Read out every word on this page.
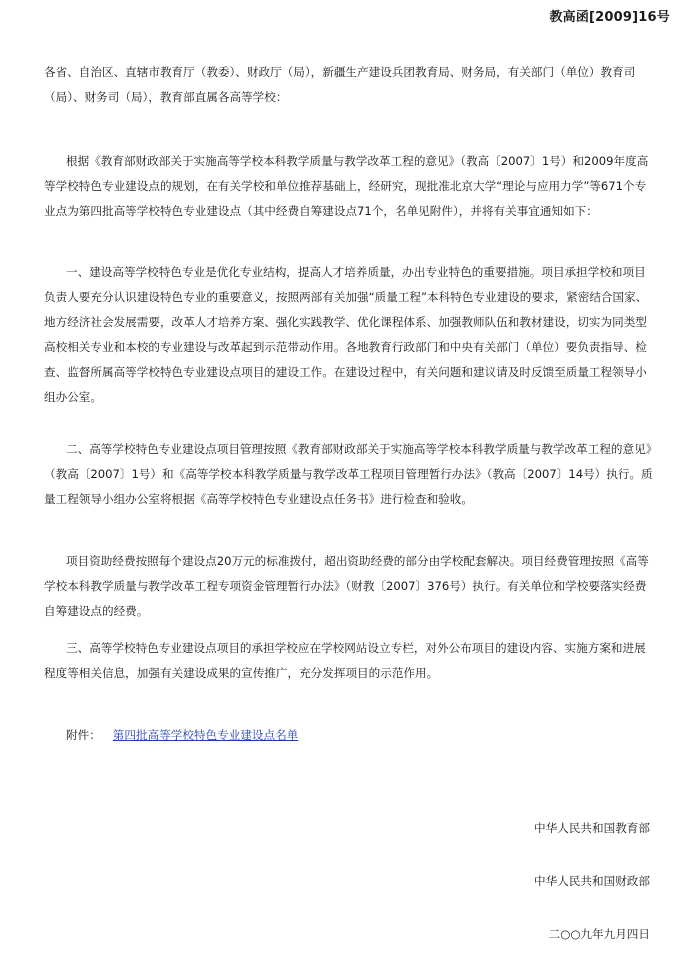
教高函[2009]16号

各省、自治区、直辖市教育厅（教委）、财政厅（局），新疆生产建设兵团教育局、财务局，有关部门（单位）教育司（局）、财务司（局），教育部直属各高等学校：

根据《教育部财政部关于实施高等学校本科教学质量与教学改革工程的意见》（教高〔2007〕1号）和2009年度高等学校特色专业建设点的规划，在有关学校和单位推荐基础上，经研究，现批准北京大学“理论与应用力学”等671个专业点为第四批高等学校特色专业建设点（其中经费自筹建设点71个，名单见附件），并将有关事宜通知如下：

一、建设高等学校特色专业是优化专业结构，提高人才培养质量，办出专业特色的重要措施。项目承担学校和项目负责人要充分认识建设特色专业的重要意义，按照两部有关加强“质量工程”本科特色专业建设的要求，紧密结合国家、地方经济社会发展需要，改革人才培养方案、强化实践教学、优化课程体系、加强教师队伍和教材建设，切实为同类型高校相关专业和本校的专业建设与改革起到示范带动作用。各地教育行政部门和中央有关部门（单位）要负责指导、检查、监督所属高等学校特色专业建设点项目的建设工作。在建设过程中，有关问题和建议请及时反馈至质量工程领导小组办公室。

二、高等学校特色专业建设点项目管理按照《教育部财政部关于实施高等学校本科教学质量与教学改革工程的意见》（教高〔2007〕1号）和《高等学校本科教学质量与教学改革工程项目管理暂行办法》（教高〔2007〕14号）执行。质量工程领导小组办公室将根据《高等学校特色专业建设点任务书》进行检查和验收。

项目资助经费按照每个建设点20万元的标准拨付，超出资助经费的部分由学校配套解决。项目经费管理按照《高等学校本科教学质量与教学改革工程专项资金管理暂行办法》（财教〔2007〕376号）执行。有关单位和学校要落实经费自筹建设点的经费。

三、高等学校特色专业建设点项目的承担学校应在学校网站设立专栏，对外公布项目的建设内容、实施方案和进展程度等相关信息，加强有关建设成果的宣传推广，充分发挥项目的示范作用。

附件： 第四批高等学校特色专业建设点名单
中华人民共和国教育部
中华人民共和国财政部
二○○九年九月四日
